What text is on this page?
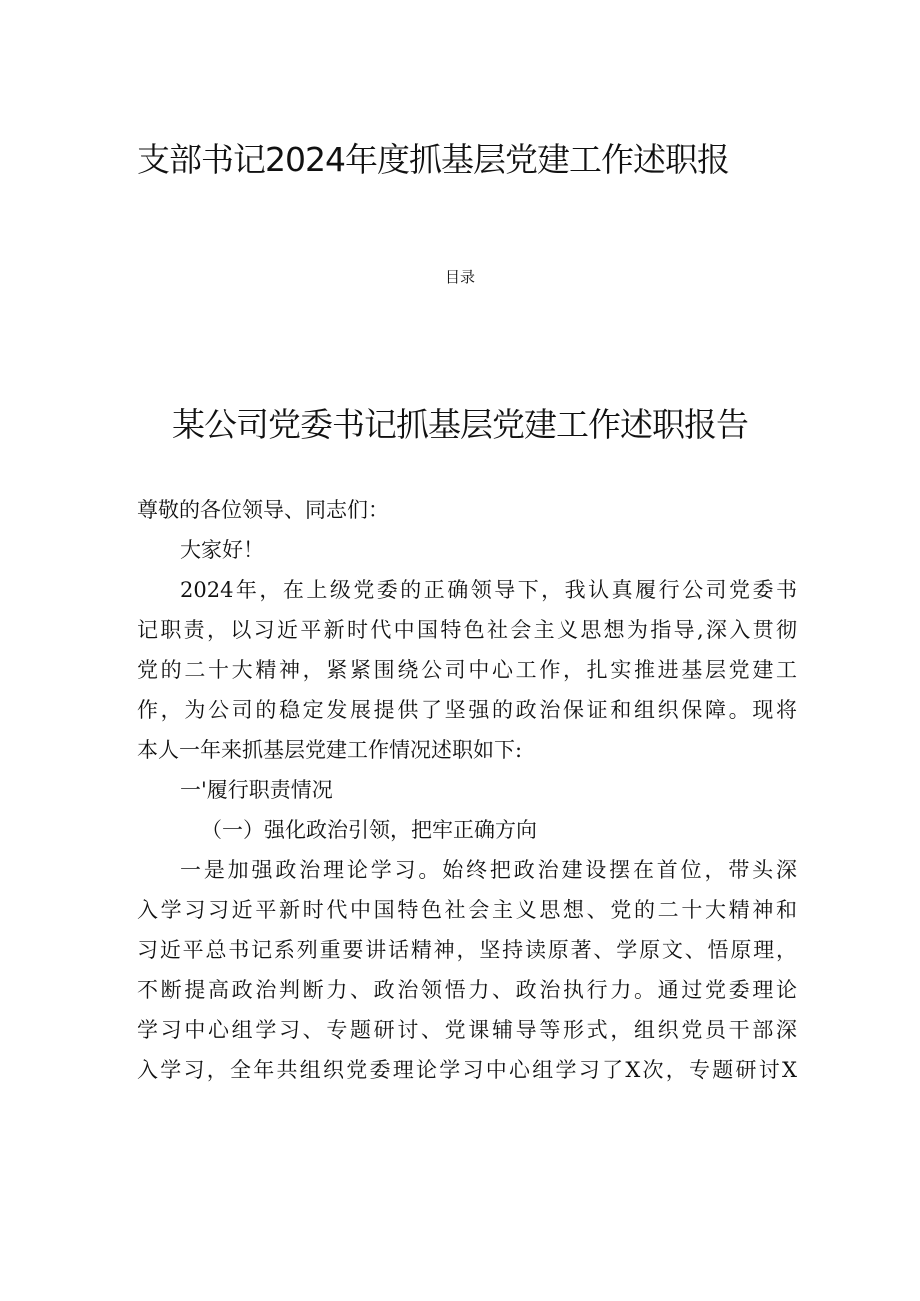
支部书记2024年度抓基层党建工作述职报
目录
某公司党委书记抓基层党建工作述职报告

尊敬的各位领导、同志们：

大家好！

2024年，在上级党委的正确领导下，我认真履行公司党委书
记职责，以习近平新时代中国特色社会主义思想为指导,深入贯彻
党的二十大精神，紧紧围绕公司中心工作，扎实推进基层党建工
作，为公司的稳定发展提供了坚强的政治保证和组织保障。现将
本人一年来抓基层党建工作情况述职如下:

一'履行职责情况

（一）强化政治引领，把牢正确方向

一是加强政治理论学习。始终把政治建设摆在首位，带头深
入学习习近平新时代中国特色社会主义思想、党的二十大精神和
习近平总书记系列重要讲话精神，坚持读原著、学原文、悟原理，
不断提高政治判断力、政治领悟力、政治执行力。通过党委理论
学习中心组学习、专题研讨、党课辅导等形式，组织党员干部深
入学习，全年共组织党委理论学习中心组学习了X次，专题研讨X
